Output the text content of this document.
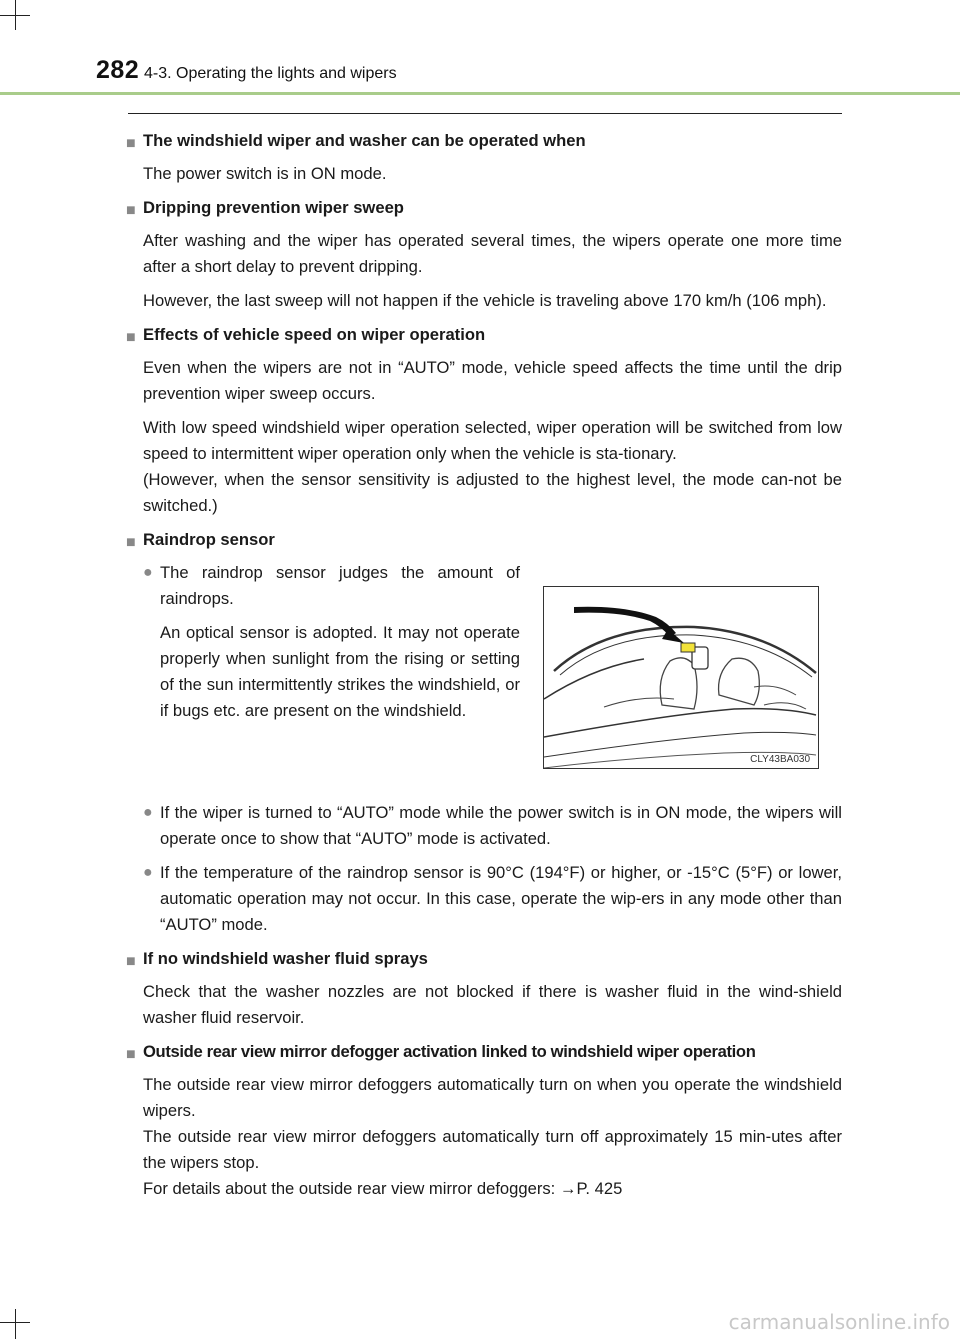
282 4-3. Operating the lights and wipers
■ The windshield wiper and washer can be operated when
The power switch is in ON mode.
■ Dripping prevention wiper sweep
After washing and the wiper has operated several times, the wipers operate one more time after a short delay to prevent dripping.
However, the last sweep will not happen if the vehicle is traveling above 170 km/h (106 mph).
■ Effects of vehicle speed on wiper operation
Even when the wipers are not in “AUTO” mode, vehicle speed affects the time until the drip prevention wiper sweep occurs.
With low speed windshield wiper operation selected, wiper operation will be switched from low speed to intermittent wiper operation only when the vehicle is sta-tionary.
(However, when the sensor sensitivity is adjusted to the highest level, the mode can-not be switched.)
■ Raindrop sensor
● The raindrop sensor judges the amount of raindrops.
An optical sensor is adopted. It may not operate properly when sunlight from the rising or setting of the sun intermittently strikes the windshield, or if bugs etc. are present on the windshield.
CLY43BA030
● If the wiper is turned to “AUTO” mode while the power switch is in ON mode, the wipers will operate once to show that “AUTO” mode is activated.
● If the temperature of the raindrop sensor is 90°C (194°F) or higher, or -15°C (5°F) or lower, automatic operation may not occur. In this case, operate the wip-ers in any mode other than “AUTO” mode.
■ If no windshield washer fluid sprays
Check that the washer nozzles are not blocked if there is washer fluid in the wind-shield washer fluid reservoir.
■ Outside rear view mirror defogger activation linked to windshield wiper operation
The outside rear view mirror defoggers automatically turn on when you operate the windshield wipers.
The outside rear view mirror defoggers automatically turn off approximately 15 min-utes after the wipers stop.
For details about the outside rear view mirror defoggers: →P. 425
carmanualsonline.info
